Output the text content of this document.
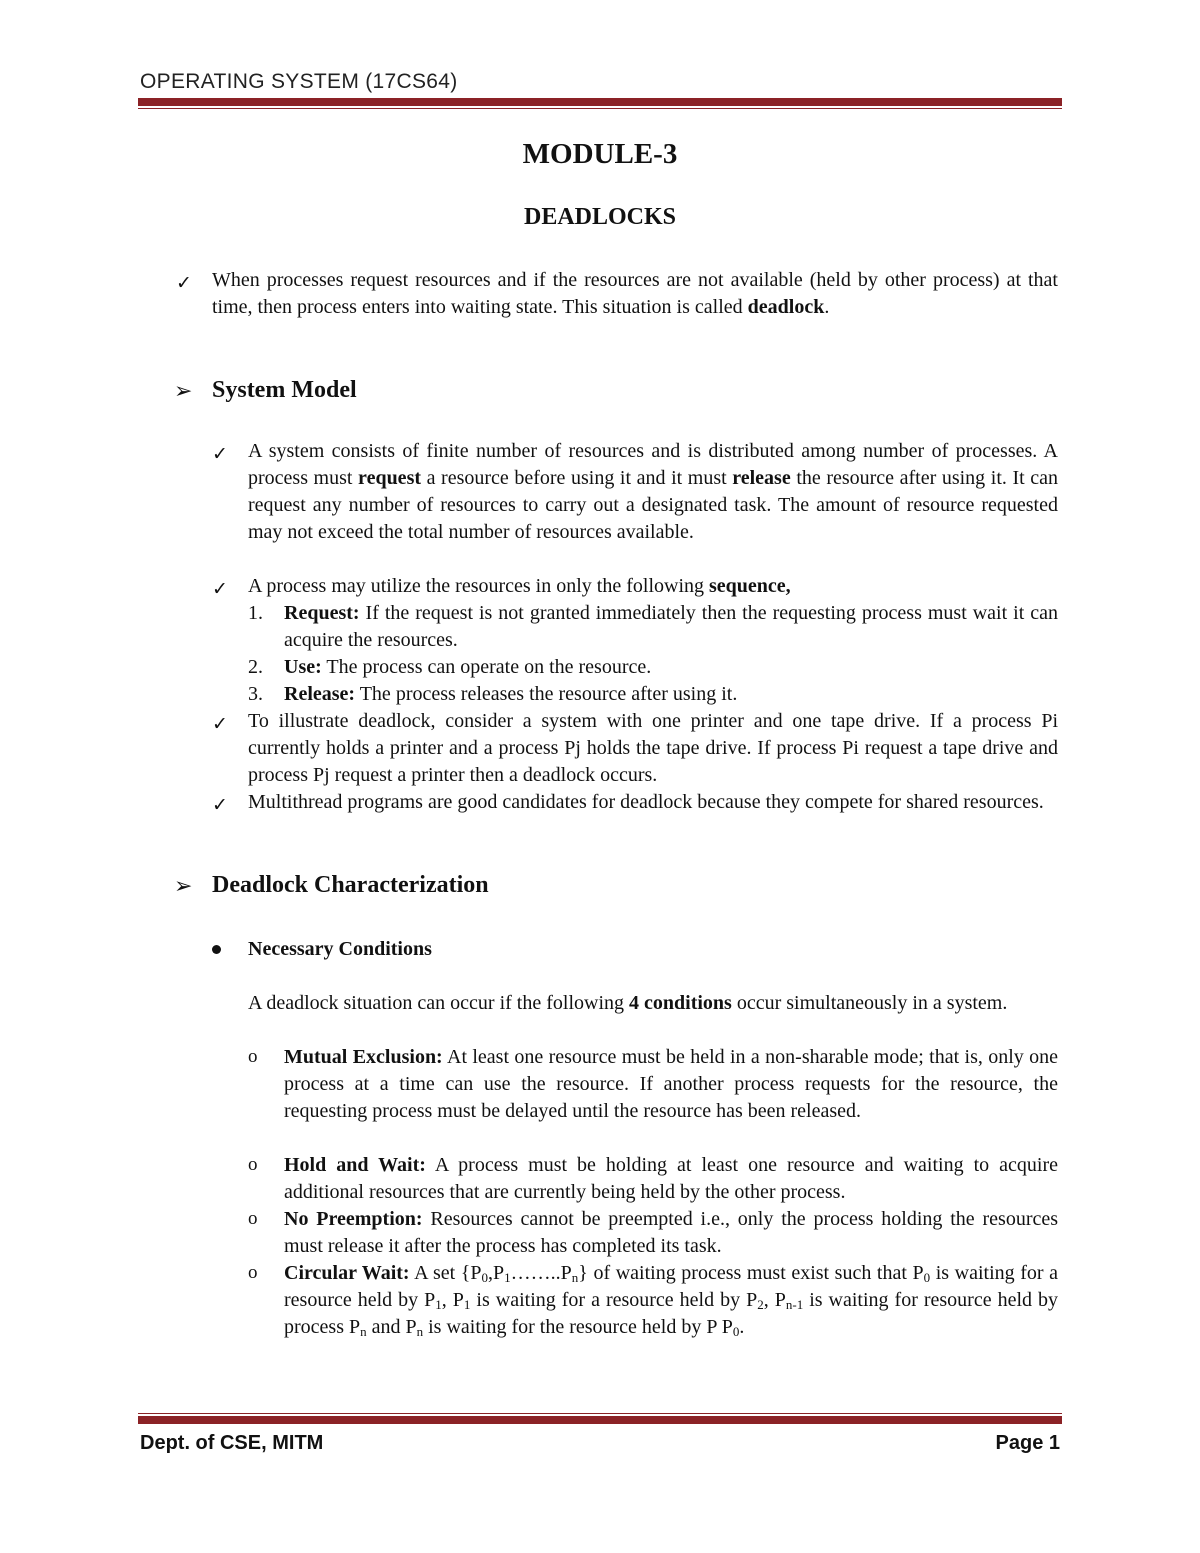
OPERATING SYSTEM (17CS64)
MODULE-3
DEADLOCKS
✓ When processes request resources and if the resources are not available (held by other process) at that time, then process enters into waiting state. This situation is called deadlock.
➢ System Model
✓ A system consists of finite number of resources and is distributed among number of processes. A process must request a resource before using it and it must release the resource after using it. It can request any number of resources to carry out a designated task. The amount of resource requested may not exceed the total number of resources available.
✓ A process may utilize the resources in only the following sequence,
1. Request: If the request is not granted immediately then the requesting process must wait it can acquire the resources.
2. Use: The process can operate on the resource.
3. Release: The process releases the resource after using it.
✓ To illustrate deadlock, consider a system with one printer and one tape drive. If a process Pi currently holds a printer and a process Pj holds the tape drive. If process Pi request a tape drive and process Pj request a printer then a deadlock occurs.
✓ Multithread programs are good candidates for deadlock because they compete for shared resources.
➢ Deadlock Characterization
Necessary Conditions
A deadlock situation can occur if the following 4 conditions occur simultaneously in a system.
o Mutual Exclusion: At least one resource must be held in a non-sharable mode; that is, only one process at a time can use the resource. If another process requests for the resource, the requesting process must be delayed until the resource has been released.
o Hold and Wait: A process must be holding at least one resource and waiting to acquire additional resources that are currently being held by the other process.
o No Preemption: Resources cannot be preempted i.e., only the process holding the resources must release it after the process has completed its task.
o Circular Wait: A set $\{P_0,P_1\dots\dots..P_n\}$ of waiting process must exist such that $P_0$ is waiting for a resource held by $P_1$, $P_1$ is waiting for a resource held by $P_2$, $P_{n-1}$ is waiting for resource held by process $P_n$ and $P_n$ is waiting for the resource held by P $P_0$.
Dept. of CSE, MITM	Page 1
